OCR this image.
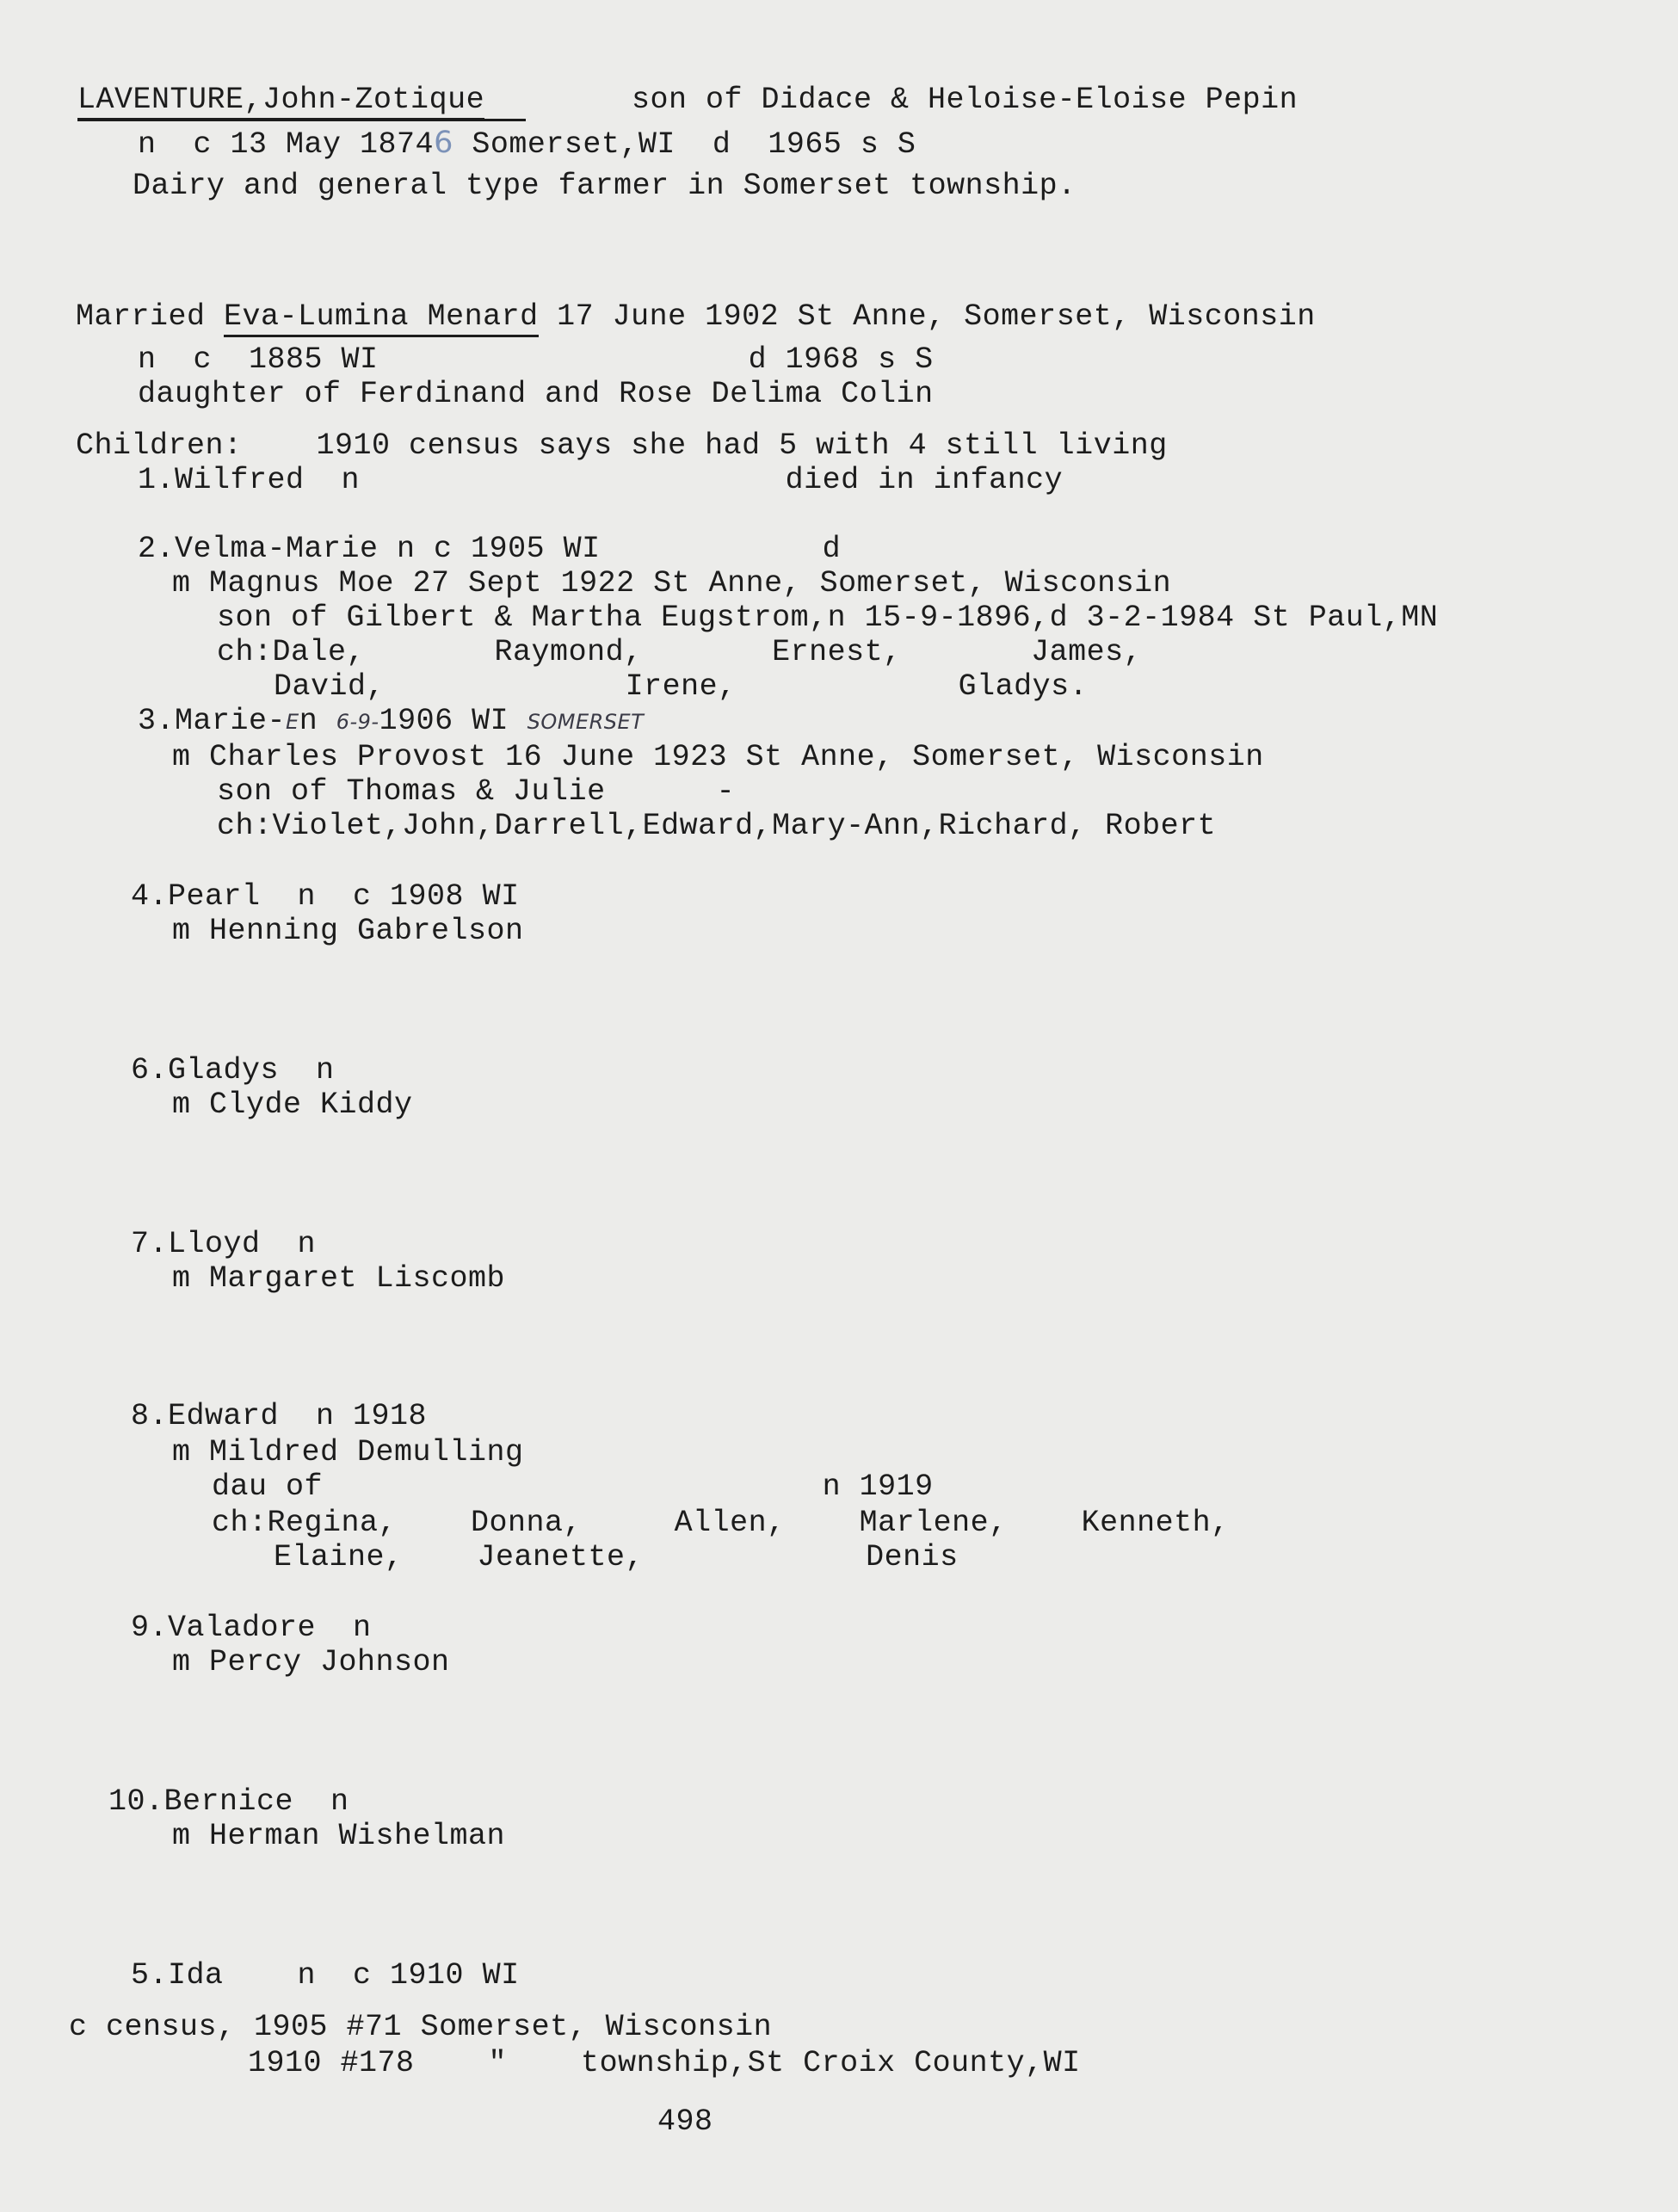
LAVENTURE,John-Zotique	son of Didace & Heloise-Eloise Pepin
n  c 13 May 18746 Somerset,WI  d  1965 s S
Dairy and general type farmer in Somerset township.
Married Eva-Lumina Menard 17 June 1902 St Anne, Somerset, Wisconsin
n  c  1885 WI                    d 1968 s S
daughter of Ferdinand and Rose Delima Colin
Children:    1910 census says she had 5 with 4 still living
1.Wilfred  n                       died in infancy
2.Velma-Marie n c 1905 WI            d
m Magnus Moe 27 Sept 1922 St Anne, Somerset, Wisconsin
son of Gilbert & Martha Eugstrom,n 15-9-1896,d 3-2-1984 St Paul,MN
ch:Dale,       Raymond,       Ernest,       James,
David,             Irene,            Gladys.
3.Marie-En 6-9-1906 WI SOMERSET
m Charles Provost 16 June 1923 St Anne, Somerset, Wisconsin
son of Thomas & Julie      -
ch:Violet,John,Darrell,Edward,Mary-Ann,Richard, Robert
4.Pearl  n  c 1908 WI
m Henning Gabrelson
6.Gladys  n
m Clyde Kiddy
7.Lloyd  n
m Margaret Liscomb
8.Edward  n 1918
m Mildred Demulling
dau of                           n 1919
ch:Regina,    Donna,     Allen,    Marlene,    Kenneth,
Elaine,    Jeanette,            Denis
9.Valadore  n
m Percy Johnson
10.Bernice  n
m Herman Wishelman
5.Ida    n  c 1910 WI
c census, 1905 #71 Somerset, Wisconsin
1910 #178    "    township,St Croix County,WI
498
